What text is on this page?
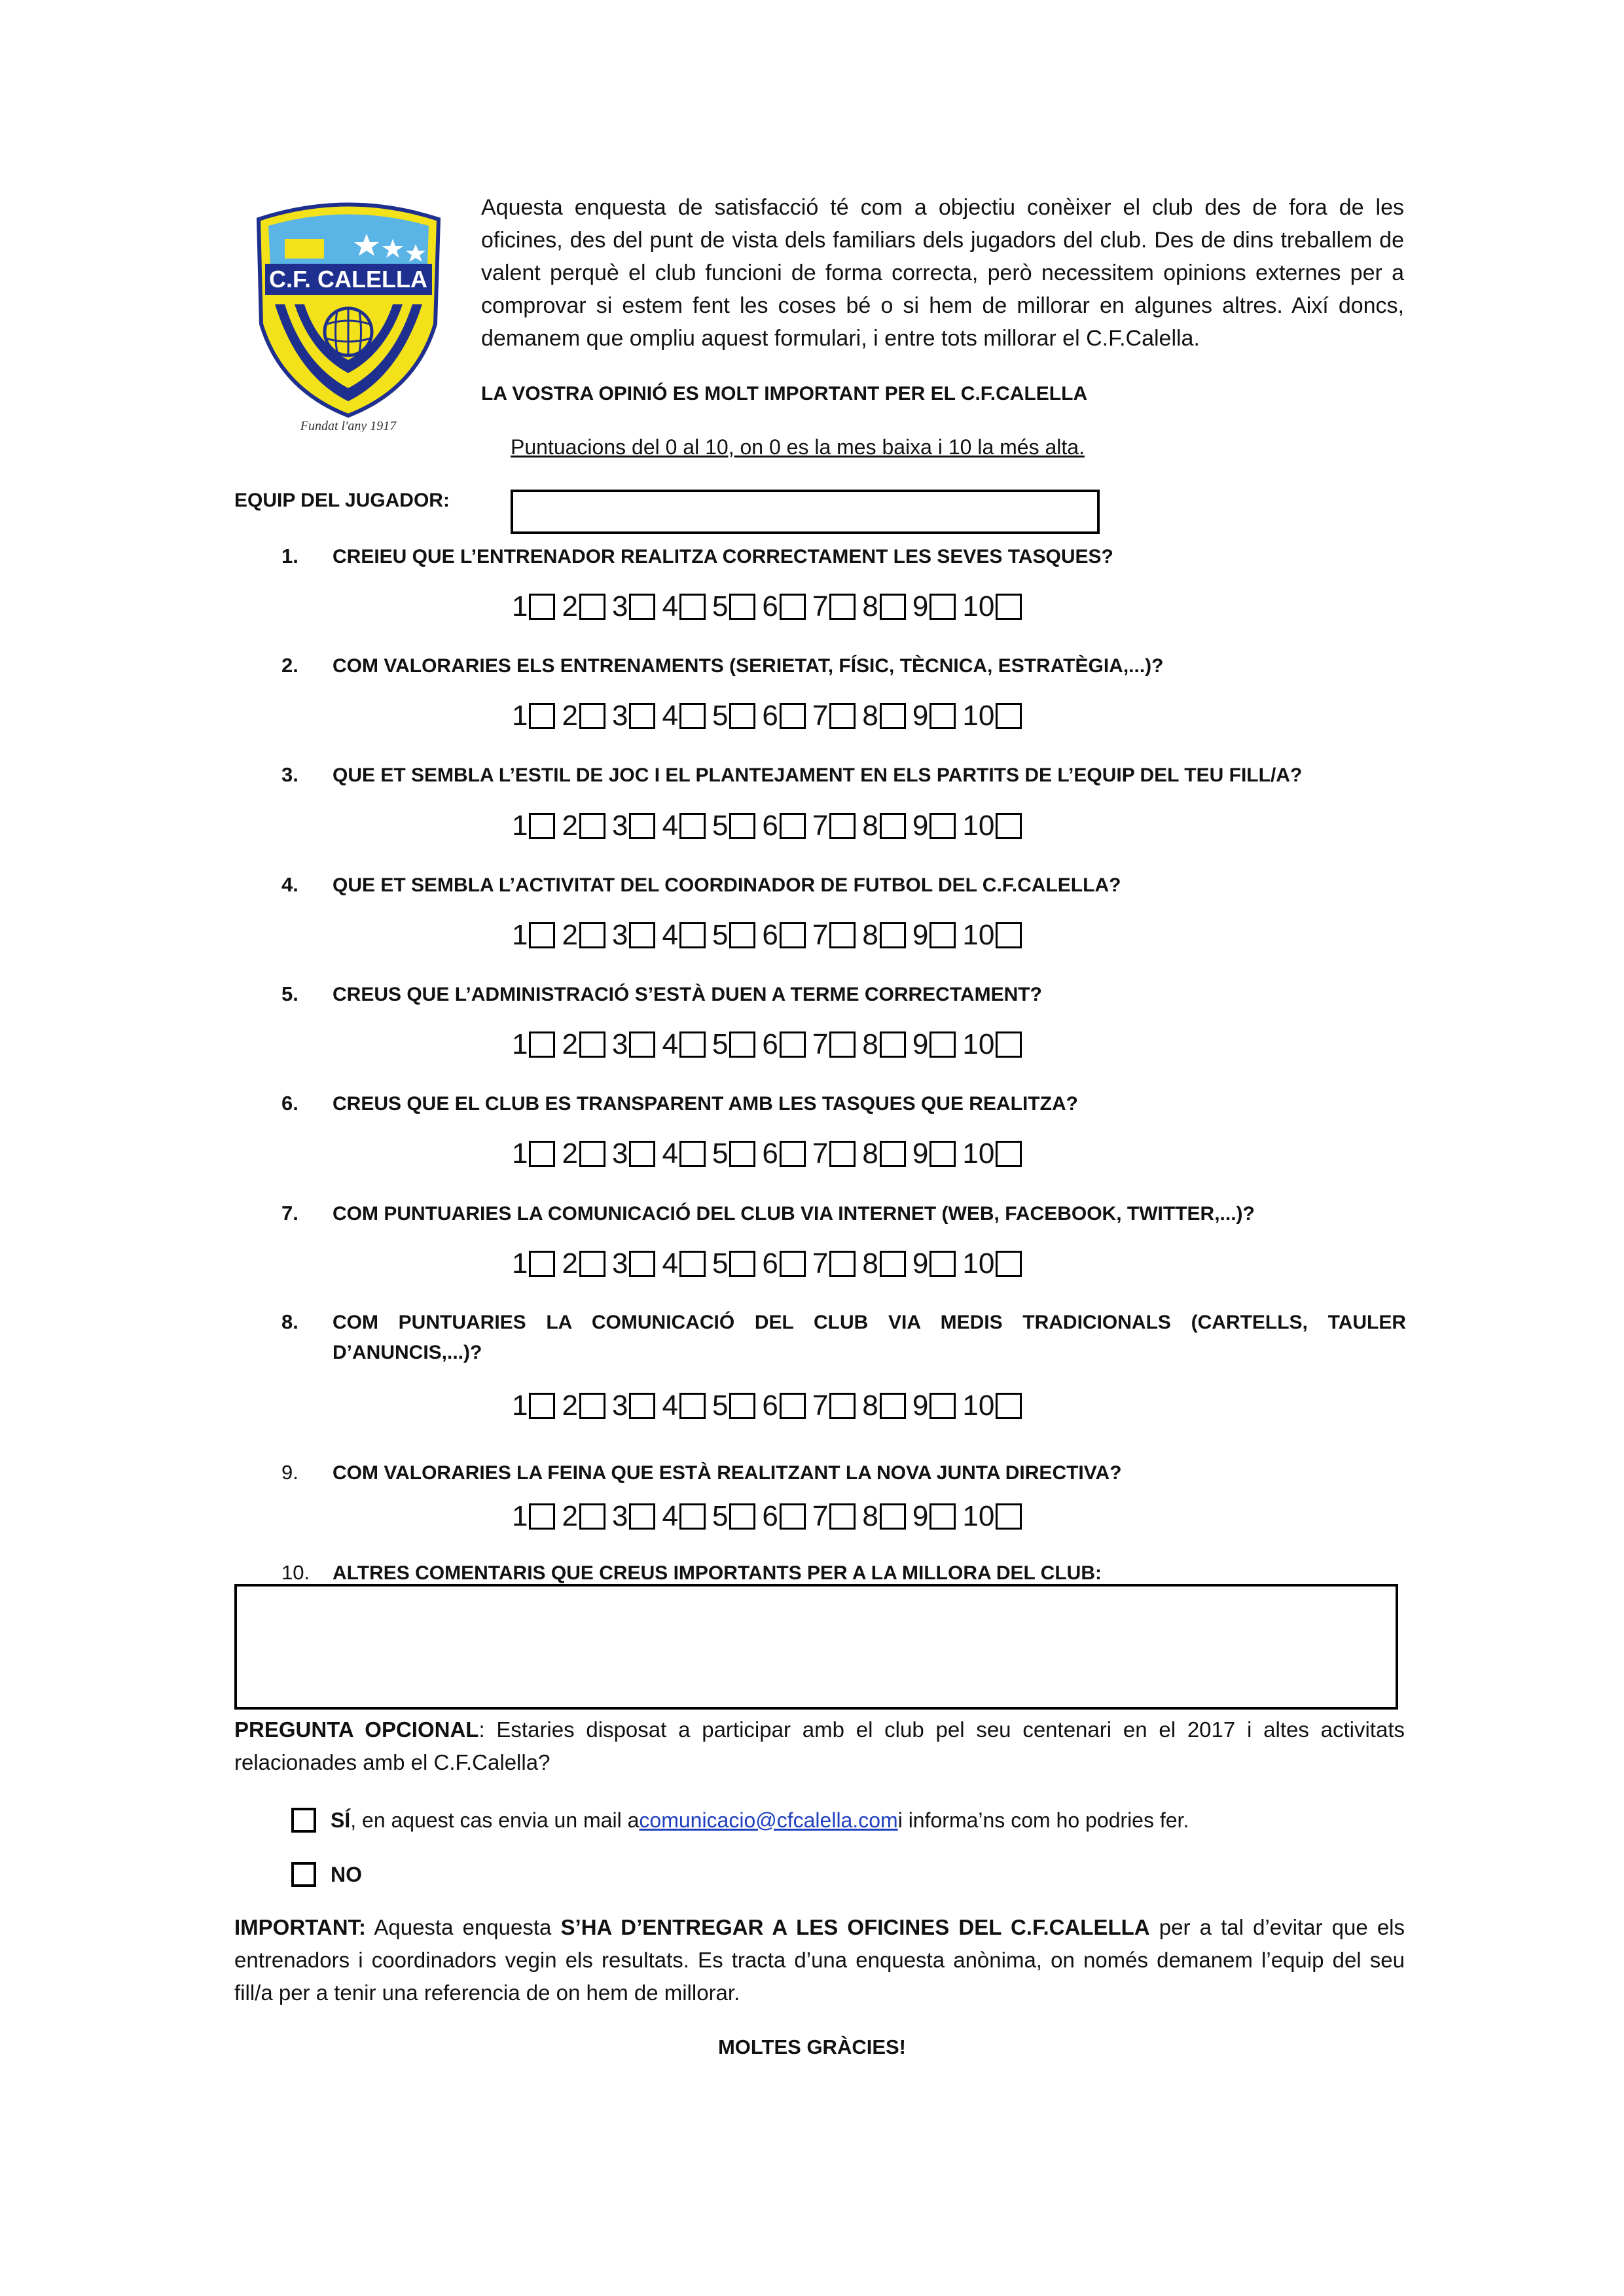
C.F. CALELLA
Fundat l'any 1917
Aquesta enquesta de satisfacció té com a objectiu conèixer el club des de fora de les oficines, des del punt de vista dels familiars dels jugadors del club. Des de dins treballem de valent perquè el club funcioni de forma correcta, però necessitem opinions externes per a comprovar si estem fent les coses bé o si hem de millorar en algunes altres. Així doncs, demanem que ompliu aquest formulari, i entre tots millorar el C.F.Calella.
LA VOSTRA OPINIÓ ES MOLT IMPORTANT PER EL C.F.CALELLA
Puntuacions del 0 al 10, on 0 es la mes baixa i 10 la més alta.
EQUIP DEL JUGADOR:
1. CREIEU QUE L’ENTRENADOR REALITZA CORRECTAMENT LES SEVES TASQUES?
1 2 3 4 5 6 7 8 9 10
2. COM VALORARIES ELS ENTRENAMENTS (SERIETAT, FÍSIC, TÈCNICA, ESTRATÈGIA,...)?
1 2 3 4 5 6 7 8 9 10
3. QUE ET SEMBLA L’ESTIL DE JOC I EL PLANTEJAMENT EN ELS PARTITS DE L’EQUIP DEL TEU FILL/A?
1 2 3 4 5 6 7 8 9 10
4. QUE ET SEMBLA L’ACTIVITAT DEL COORDINADOR DE FUTBOL DEL C.F.CALELLA?
1 2 3 4 5 6 7 8 9 10
5. CREUS QUE L’ADMINISTRACIÓ S’ESTÀ DUEN A TERME CORRECTAMENT?
1 2 3 4 5 6 7 8 9 10
6. CREUS QUE EL CLUB ES TRANSPARENT AMB LES TASQUES QUE REALITZA?
1 2 3 4 5 6 7 8 9 10
7. COM PUNTUARIES LA COMUNICACIÓ DEL CLUB VIA INTERNET (WEB, FACEBOOK, TWITTER,...)?
1 2 3 4 5 6 7 8 9 10
8. COM PUNTUARIES LA COMUNICACIÓ DEL CLUB VIA MEDIS TRADICIONALS (CARTELLS, TAULER D’ANUNCIS,...)?
1 2 3 4 5 6 7 8 9 10
9. COM VALORARIES LA FEINA QUE ESTÀ REALITZANT LA NOVA JUNTA DIRECTIVA?
1 2 3 4 5 6 7 8 9 10
10. ALTRES COMENTARIS QUE CREUS IMPORTANTS PER A LA MILLORA DEL CLUB:
PREGUNTA OPCIONAL: Estaries disposat a participar amb el club pel seu centenari en el 2017 i altes activitats relacionades amb el C.F.Calella?
SÍ , en aquest cas envia un mail a comunicacio@cfcalella.com i informa’ns com ho podries fer.
NO
IMPORTANT: Aquesta enquesta S’HA D’ENTREGAR A LES OFICINES DEL C.F.CALELLA per a tal d’evitar que els entrenadors i coordinadors vegin els resultats. Es tracta d’una enquesta anònima, on només demanem l’equip del seu fill/a per a tenir una referencia de on hem de millorar.
MOLTES GRÀCIES!
